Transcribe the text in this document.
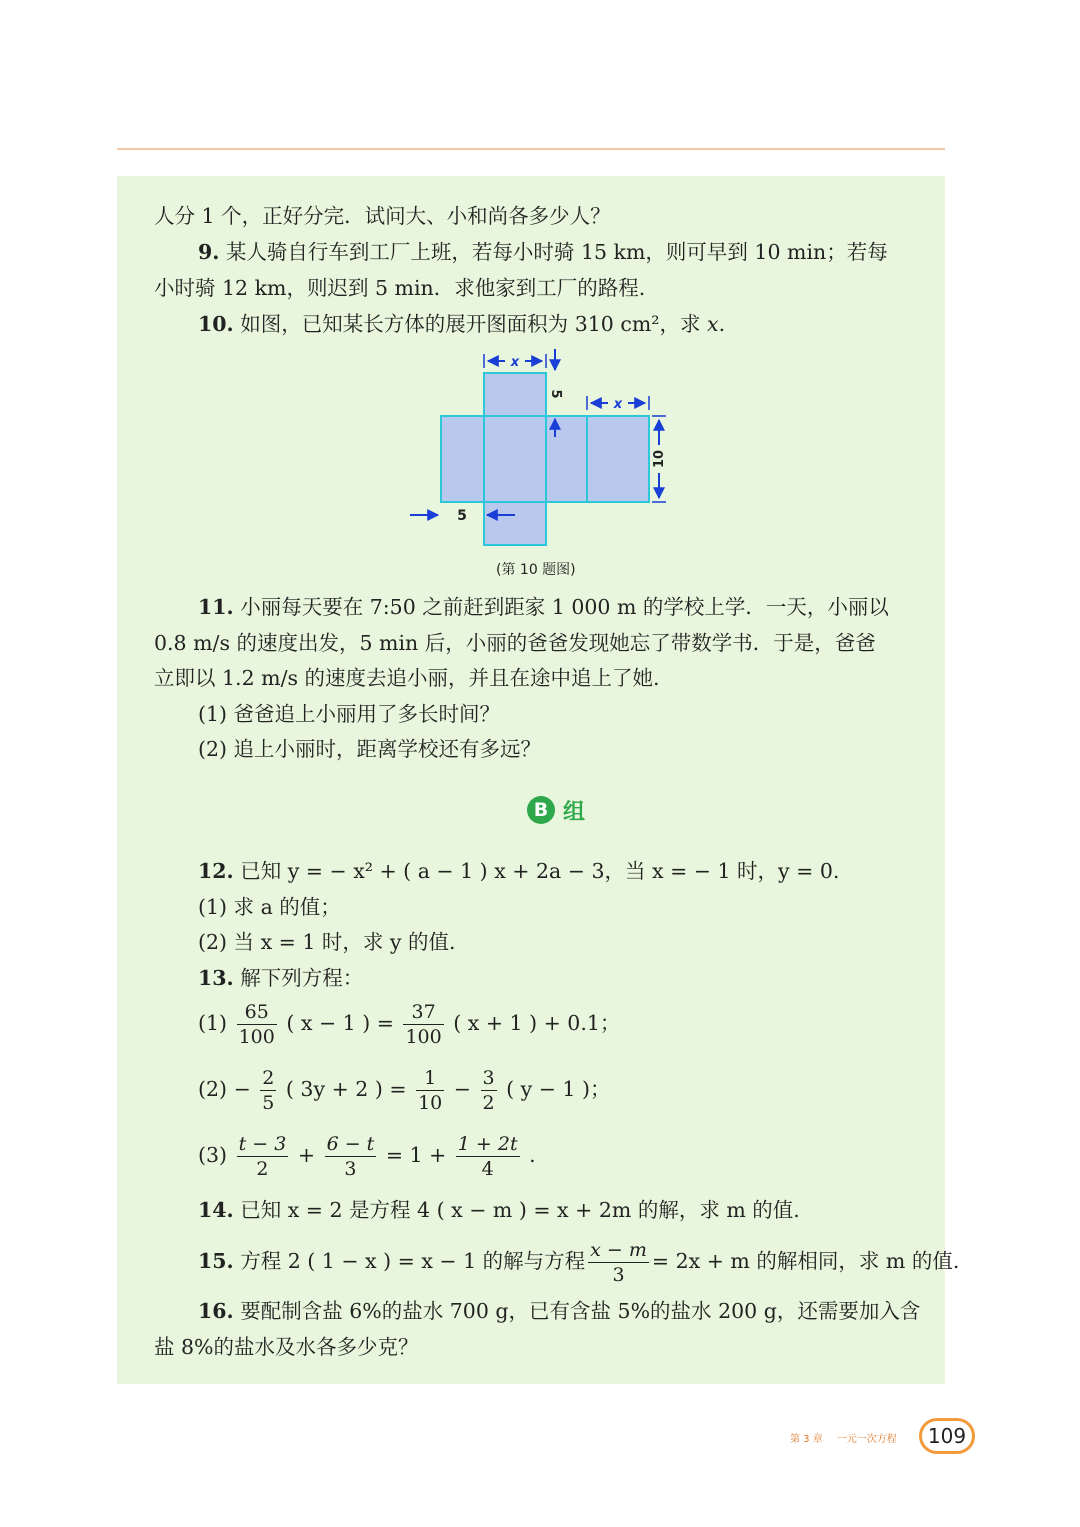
人分 1 个，正好分完．试问大、小和尚各多少人？
9. 某人骑自行车到工厂上班，若每小时骑 15 km，则可早到 10 min；若每
小时骑 12 km，则迟到 5 min．求他家到工厂的路程.
10. 如图，已知某长方体的展开图面积为 310 cm²，求 x.
x
5
x
10
5
(第 10 题图)
11. 小丽每天要在 7:50 之前赶到距家 1 000 m 的学校上学．一天，小丽以
0.8 m/s 的速度出发，5 min 后，小丽的爸爸发现她忘了带数学书．于是，爸爸
立即以 1.2 m/s 的速度去追小丽，并且在途中追上了她.
(1) 爸爸追上小丽用了多长时间？
(2) 追上小丽时，距离学校还有多远？
B 组
12. 已知 y = − x² + ( a − 1 ) x + 2a − 3，当 x = − 1 时，y = 0.
(1) 求 a 的值；
(2) 当 x = 1 时，求 y 的值.
13. 解下列方程：
$(1) \frac{65}{100}$ ( x − 1 ) = $\frac{37}{100}$ ( x + 1 ) + 0.1；
$(2) - \frac{2}{5}$ ( 3y + 2 ) = $\frac{1}{10} - \frac{3}{2}$ ( y − 1 )；
$(3) \frac{t - 3}{2} + \frac{6 - t}{3} = 1 + \frac{1 + 2t}{4}$ .
14. 已知 x = 2 是方程 4 ( x − m ) = x + 2m 的解，求 m 的值.
15. 方程 2 ( 1 − x ) = x − 1 的解与方程 $\frac{x - m}{3} = 2x + m$ 的解相同，求 m 的值.
16. 要配制含盐 6%的盐水 700 g，已有含盐 5%的盐水 200 g，还需要加入含
盐 8%的盐水及水各多少克？
第 3 章 一元一次方程	109
